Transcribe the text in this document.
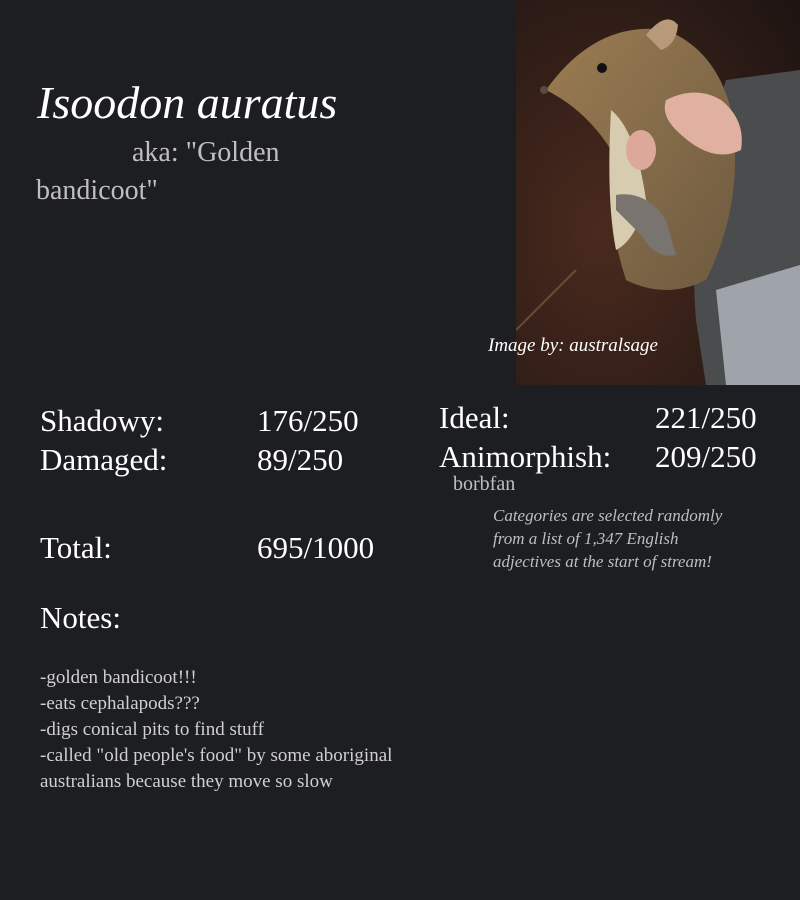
Isoodon auratus
aka: "Golden bandicoot"
Image by: australsage
Shadowy:	176/250
Damaged:	89/250
Ideal:	221/250
Animorphish: 209/250
borbfan
Categories are selected randomly from a list of 1,347 English adjectives at the start of stream!
Total:	695/1000
Notes:
-golden bandicoot!!!
-eats cephalapods???
-digs conical pits to find stuff
-called "old people's food" by some aboriginal
australians because they move so slow
